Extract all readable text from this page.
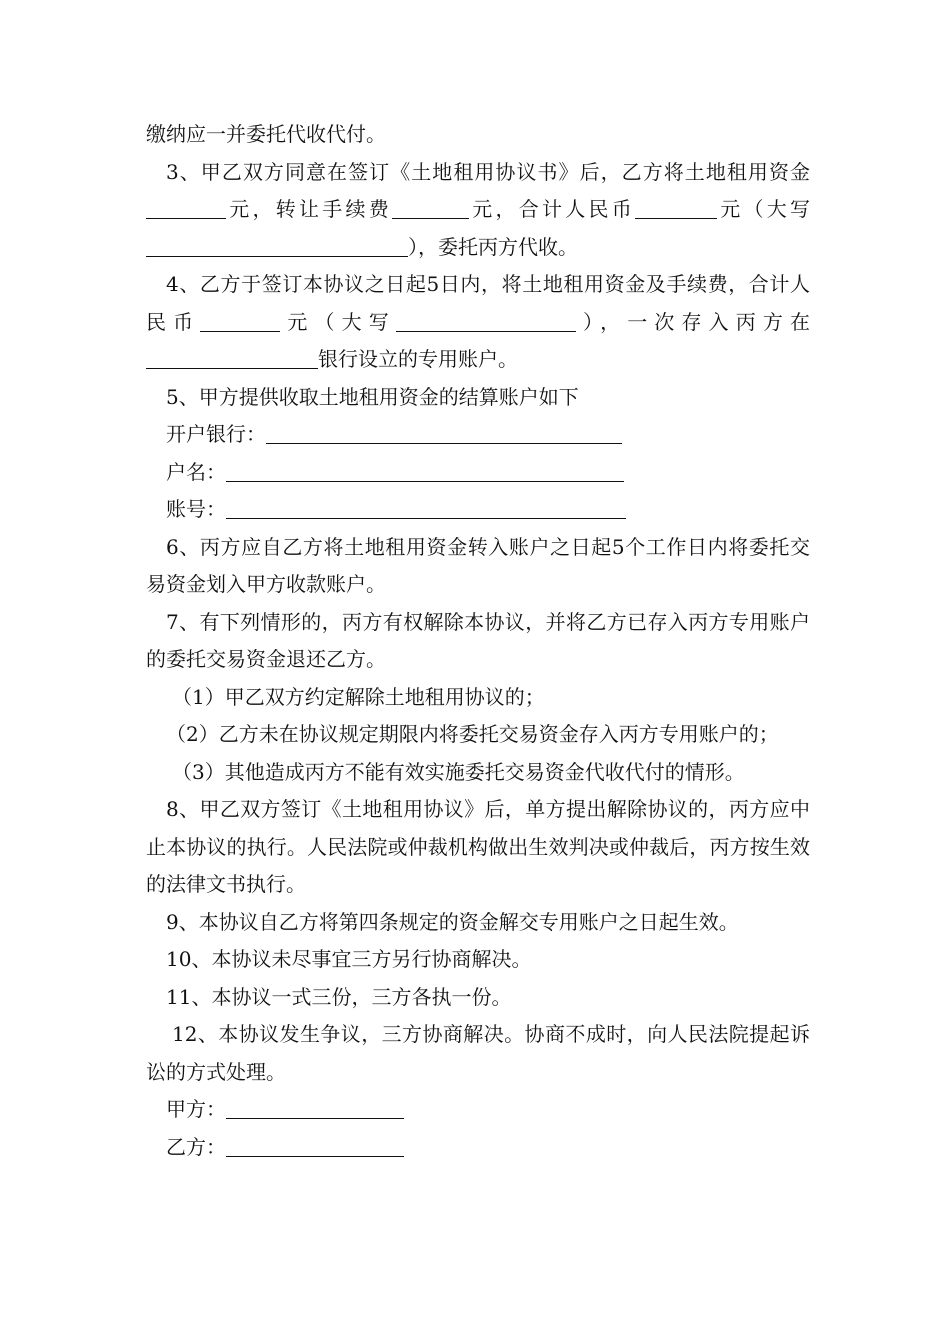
缴纳应一并委托代收代付。

3、甲乙双方同意在签订《土地租用协议书》后，乙方将土地租用资金元，转让手续费	元，合计人民币	元（大写），委托丙方代收。

4、乙方于签订本协议之日起5日内，将土地租用资金及手续费，合计人民币	元（大写	），一次存入丙方在银行设立的专用账户。

5、甲方提供收取土地租用资金的结算账户如下

开户银行：

户名：

账号：

6、丙方应自乙方将土地租用资金转入账户之日起5个工作日内将委托交易资金划入甲方收款账户。

7、有下列情形的，丙方有权解除本协议，并将乙方已存入丙方专用账户的委托交易资金退还乙方。

（1）甲乙双方约定解除土地租用协议的；

（2）乙方未在协议规定期限内将委托交易资金存入丙方专用账户的；

（3）其他造成丙方不能有效实施委托交易资金代收代付的情形。

8、甲乙双方签订《土地租用协议》后，单方提出解除协议的，丙方应中止本协议的执行。人民法院或仲裁机构做出生效判决或仲裁后，丙方按生效的法律文书执行。

9、本协议自乙方将第四条规定的资金解交专用账户之日起生效。

10、本协议未尽事宜三方另行协商解决。

11、本协议一式三份，三方各执一份。

12、本协议发生争议，三方协商解决。协商不成时，向人民法院提起诉讼的方式处理。

甲方：

乙方：
